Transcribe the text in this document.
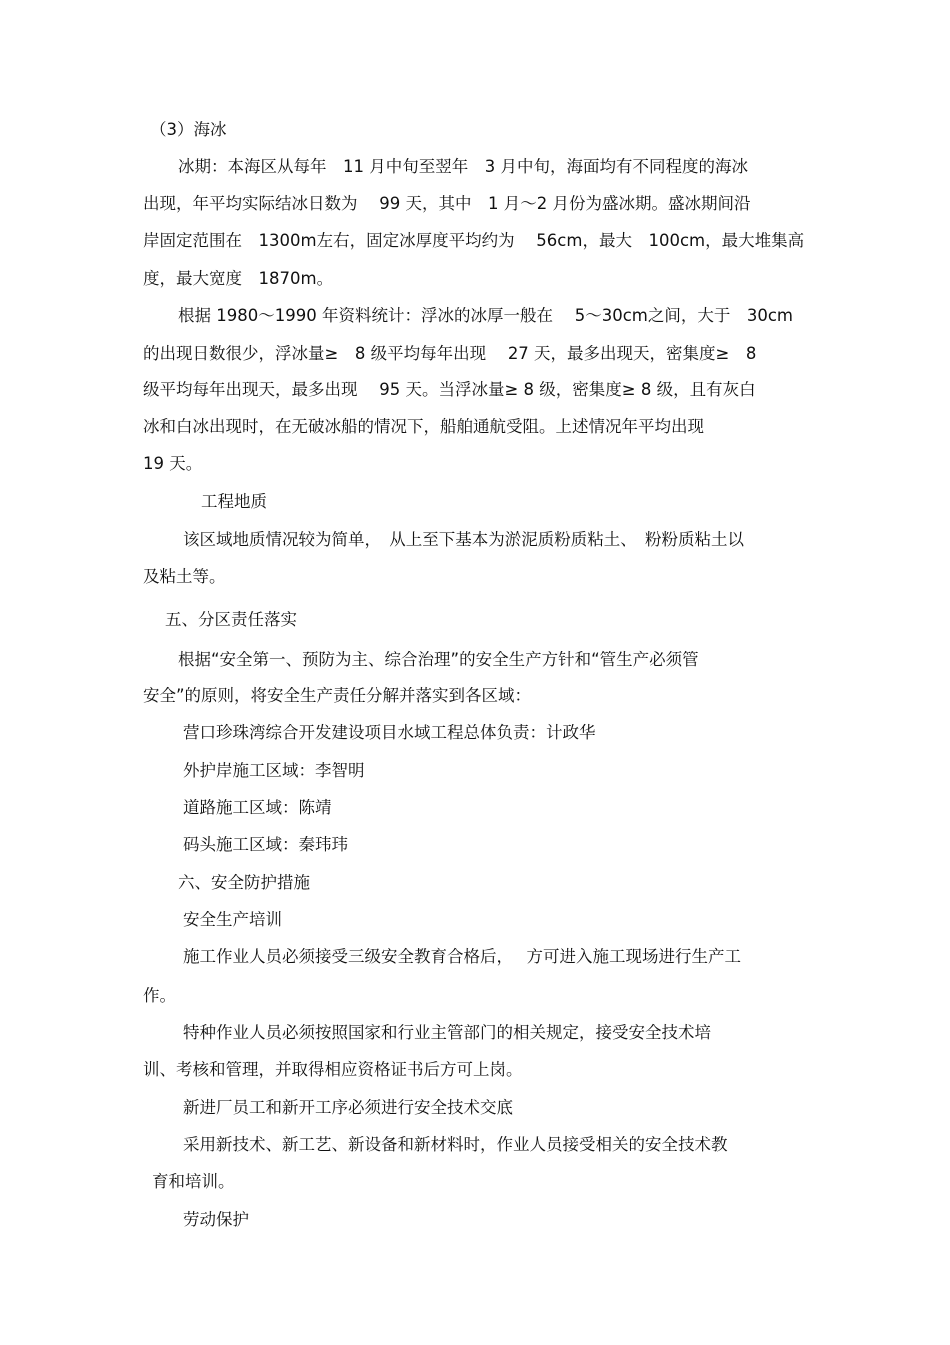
（3）海冰
冰期：本海区从每年　11 月中旬至翌年　3 月中旬，海面均有不同程度的海冰
出现，年平均实际结冰日数为　 99 天，其中　1 月～2 月份为盛冰期。盛冰期间沿
岸固定范围在　1300m左右，固定冰厚度平均约为　 56cm，最大　100cm，最大堆集高
度，最大宽度　1870m。
根据 1980～1990 年资料统计：浮冰的冰厚一般在　 5～30cm之间，大于　30cm
的出现日数很少，浮冰量≥　8 级平均每年出现　 27 天，最多出现天，密集度≥　8
级平均每年出现天，最多出现　 95 天。当浮冰量≥ 8 级，密集度≥ 8 级，且有灰白
冰和白冰出现时，在无破冰船的情况下，船舶通航受阻。上述情况年平均出现
19 天。
工程地质
该区域地质情况较为简单，　从上至下基本为淤泥质粉质粘土、　粉粉质粘土以
及粘土等。
五、分区责任落实
根据“安全第一、预防为主、综合治理”的安全生产方针和“管生产必须管
安全”的原则，将安全生产责任分解并落实到各区域：
营口珍珠湾综合开发建设项目水域工程总体负责：计政华
外护岸施工区域：李智明
道路施工区域：陈靖
码头施工区域：秦玮玮
六、安全防护措施
安全生产培训
施工作业人员必须接受三级安全教育合格后，　 方可进入施工现场进行生产工
作。
特种作业人员必须按照国家和行业主管部门的相关规定，接受安全技术培
训、考核和管理，并取得相应资格证书后方可上岗。
新进厂员工和新开工序必须进行安全技术交底
采用新技术、新工艺、新设备和新材料时，作业人员接受相关的安全技术教
育和培训。
劳动保护
